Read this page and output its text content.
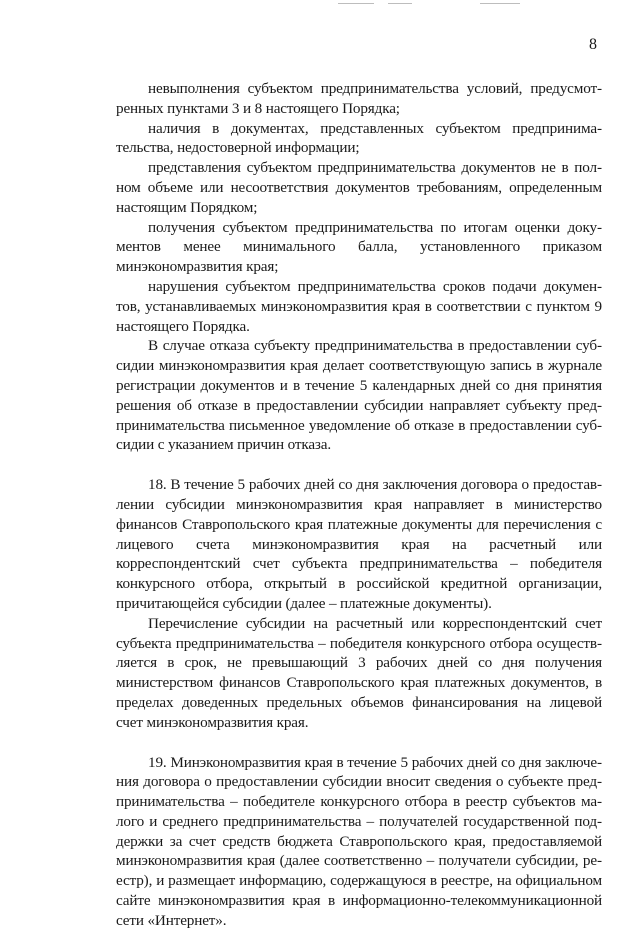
8

невыполнения субъектом предпринимательства условий, предусмотренных пунктами 3 и 8 настоящего Порядка;

наличия в документах, представленных субъектом предпринимательства, недостоверной информации;

представления субъектом предпринимательства документов не в полном объеме или несоответствия документов требованиям, определенным настоящим Порядком;

получения субъектом предпринимательства по итогам оценки документов менее минимального балла, установленного приказом минэкономразвития края;

нарушения субъектом предпринимательства сроков подачи документов, устанавливаемых минэкономразвития края в соответствии с пунктом 9 настоящего Порядка.

В случае отказа субъекту предпринимательства в предоставлении субсидии минэкономразвития края делает соответствующую запись в журнале регистрации документов и в течение 5 календарных дней со дня принятия решения об отказе в предоставлении субсидии направляет субъекту предпринимательства письменное уведомление об отказе в предоставлении субсидии с указанием причин отказа.

18. В течение 5 рабочих дней со дня заключения договора о предоставлении субсидии минэкономразвития края направляет в министерство финансов Ставропольского края платежные документы для перечисления с лицевого счета минэкономразвития края на расчетный или корреспондентский счет субъекта предпринимательства – победителя конкурсного отбора, открытый в российской кредитной организации, причитающейся субсидии (далее – платежные документы).

Перечисление субсидии на расчетный или корреспондентский счет субъекта предпринимательства – победителя конкурсного отбора осуществляется в срок, не превышающий 3 рабочих дней со дня получения министерством финансов Ставропольского края платежных документов, в пределах доведенных предельных объемов финансирования на лицевой счет минэкономразвития края.

19. Минэкономразвития края в течение 5 рабочих дней со дня заключения договора о предоставлении субсидии вносит сведения о субъекте предпринимательства – победителе конкурсного отбора в реестр субъектов малого и среднего предпринимательства – получателей государственной поддержки за счет средств бюджета Ставропольского края, предоставляемой минэкономразвития края (далее соответственно – получатели субсидии, реестр), и размещает информацию, содержащуюся в реестре, на официальном сайте минэкономразвития края в информационно-телекоммуникационной сети «Интернет».
